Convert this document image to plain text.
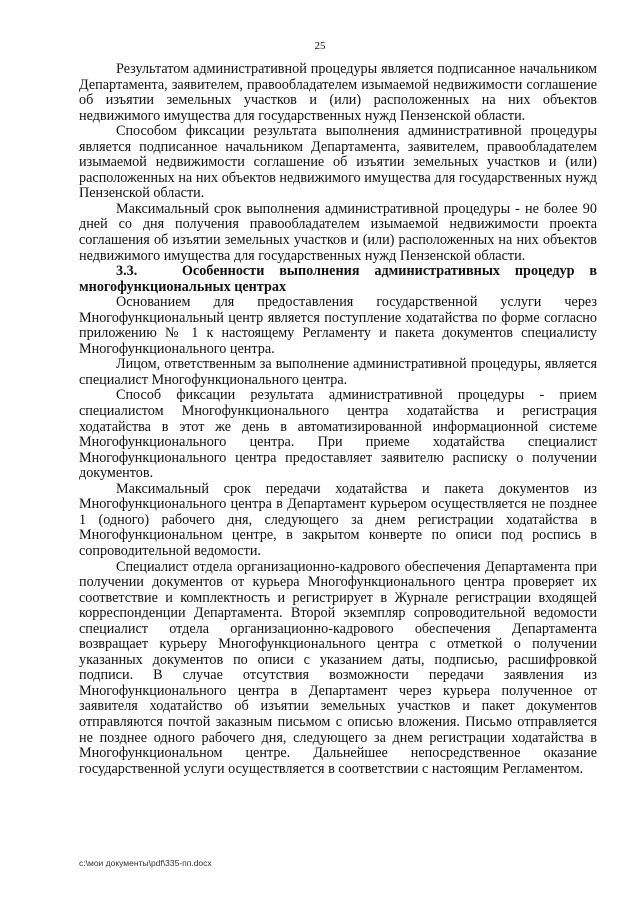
25

Результатом административной процедуры является подписанное начальником Департамента, заявителем, правообладателем изымаемой недвижимости соглашение об изъятии земельных участков и (или) расположенных на них объектов недвижимого имущества для государственных нужд Пензенской области.

Способом фиксации результата выполнения административной процедуры является подписанное начальником Департамента, заявителем, правообладателем изымаемой недвижимости соглашение об изъятии земельных участков и (или) расположенных на них объектов недвижимого имущества для государственных нужд Пензенской области.

Максимальный срок выполнения административной процедуры - не более 90 дней со дня получения правообладателем изымаемой недвижимости проекта соглашения об изъятии земельных участков и (или) расположенных на них объектов недвижимого имущества для государственных нужд Пензенской области.

3.3.	Особенности выполнения административных процедур в многофункциональных центрах

Основанием для предоставления государственной услуги через Многофункциональный центр является поступление ходатайства по форме согласно приложению № 1 к настоящему Регламенту и пакета документов специалисту Многофункционального центра.

Лицом, ответственным за выполнение административной процедуры, является специалист Многофункционального центра.

Способ фиксации результата административной процедуры - прием специалистом Многофункционального центра ходатайства и регистрация ходатайства в этот же день в автоматизированной информационной системе Многофункционального центра. При приеме ходатайства специалист Многофункционального центра предоставляет заявителю расписку о получении документов.

Максимальный срок передачи ходатайства и пакета документов из Многофункционального центра в Департамент курьером осуществляется не позднее 1 (одного) рабочего дня, следующего за днем регистрации ходатайства в Многофункциональном центре, в закрытом конверте по описи под роспись в сопроводительной ведомости.

Специалист отдела организационно-кадрового обеспечения Департамента при получении документов от курьера Многофункционального центра проверяет их соответствие и комплектность и регистрирует в Журнале регистрации входящей корреспонденции Департамента. Второй экземпляр сопроводительной ведомости специалист отдела организационно-кадрового обеспечения Департамента возвращает курьеру Многофункционального центра с отметкой о получении указанных документов по описи с указанием даты, подписью, расшифровкой подписи. В случае отсутствия возможности передачи заявления из Многофункционального центра в Департамент через курьера полученное от заявителя ходатайство об изъятии земельных участков и пакет документов отправляются почтой заказным письмом с описью вложения. Письмо отправляется не позднее одного рабочего дня, следующего за днем регистрации ходатайства в Многофункциональном центре. Дальнейшее непосредственное оказание государственной услуги осуществляется в соответствии с настоящим Регламентом.

c:\мои документы\pdf\335-пп.docx
